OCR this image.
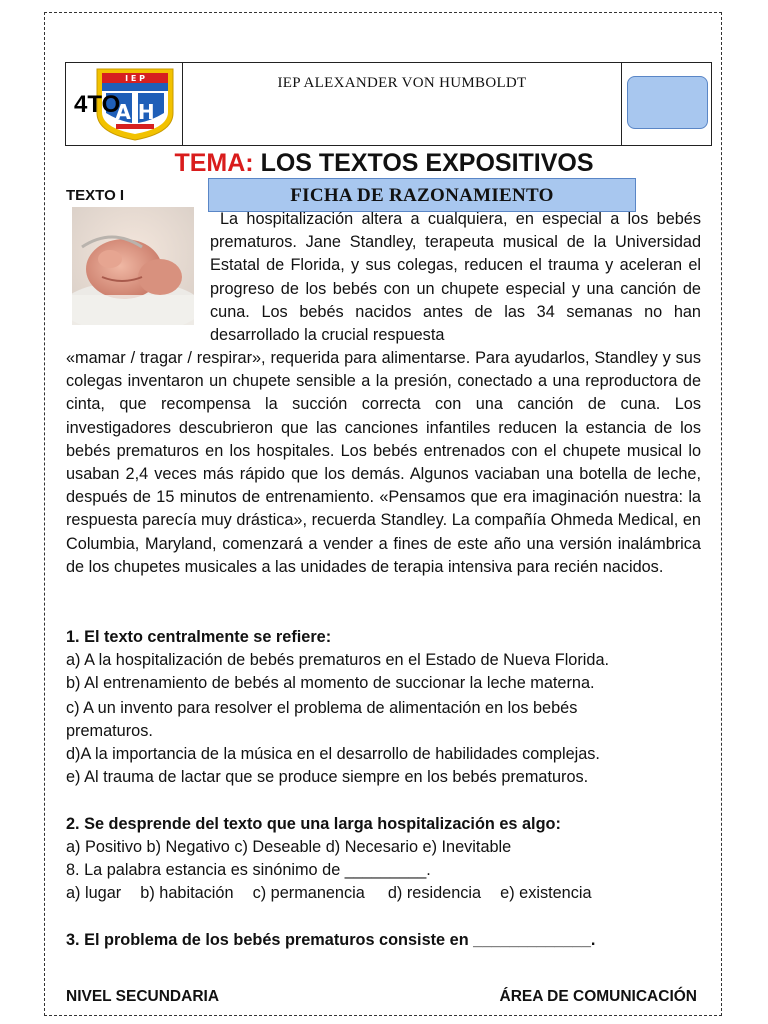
I E P
A H
4TO
IEP ALEXANDER VON HUMBOLDT
TEMA: LOS TEXTOS EXPOSITIVOS
TEXTO I	FICHA DE RAZONAMIENTO
La hospitalización altera a cualquiera, en especial a los bebés prematuros. Jane Standley, terapeuta musical de la Universidad Estatal de Florida, y sus colegas, reducen el trauma y aceleran el progreso de los bebés con un chupete especial y una canción de cuna. Los bebés nacidos antes de las 34 semanas no han desarrollado la crucial respuesta
«mamar / tragar / respirar», requerida para alimentarse. Para ayudarlos, Standley y sus colegas inventaron un chupete sensible a la presión, conectado a una reproductora de cinta, que recompensa la succión correcta con una canción de cuna. Los investigadores descubrieron que las canciones infantiles reducen la estancia de los bebés prematuros en los hospitales. Los bebés entrenados con el chupete musical lo usaban 2,4 veces más rápido que los demás. Algunos vaciaban una botella de leche, después de 15 minutos de entrenamiento. «Pensamos que era imaginación nuestra: la respuesta parecía muy drástica», recuerda Standley. La compañía Ohmeda Medical, en Columbia, Maryland, comenzará a vender a fines de este año una versión inalámbrica de los chupetes musicales a las unidades de terapia intensiva para recién nacidos.
1. El texto centralmente se refiere:
a) A la hospitalización de bebés prematuros en el Estado de Nueva Florida.
b) Al entrenamiento de bebés al momento de succionar la leche materna.
c) A un invento para resolver el problema de alimentación en los bebés
prematuros.
d)A la importancia de la música en el desarrollo de habilidades complejas.
e) Al trauma de lactar que se produce siempre en los bebés prematuros.
2. Se desprende del texto que una larga hospitalización es algo:
a) Positivo b) Negativo c) Deseable d) Necesario e) Inevitable
8. La palabra estancia es sinónimo de _________.
a) lugar b) habitación c) permanencia d) residencia e) existencia
3. El problema de los bebés prematuros consiste en _____________.
NIVEL SECUNDARIA	ÁREA DE COMUNICACIÓN
